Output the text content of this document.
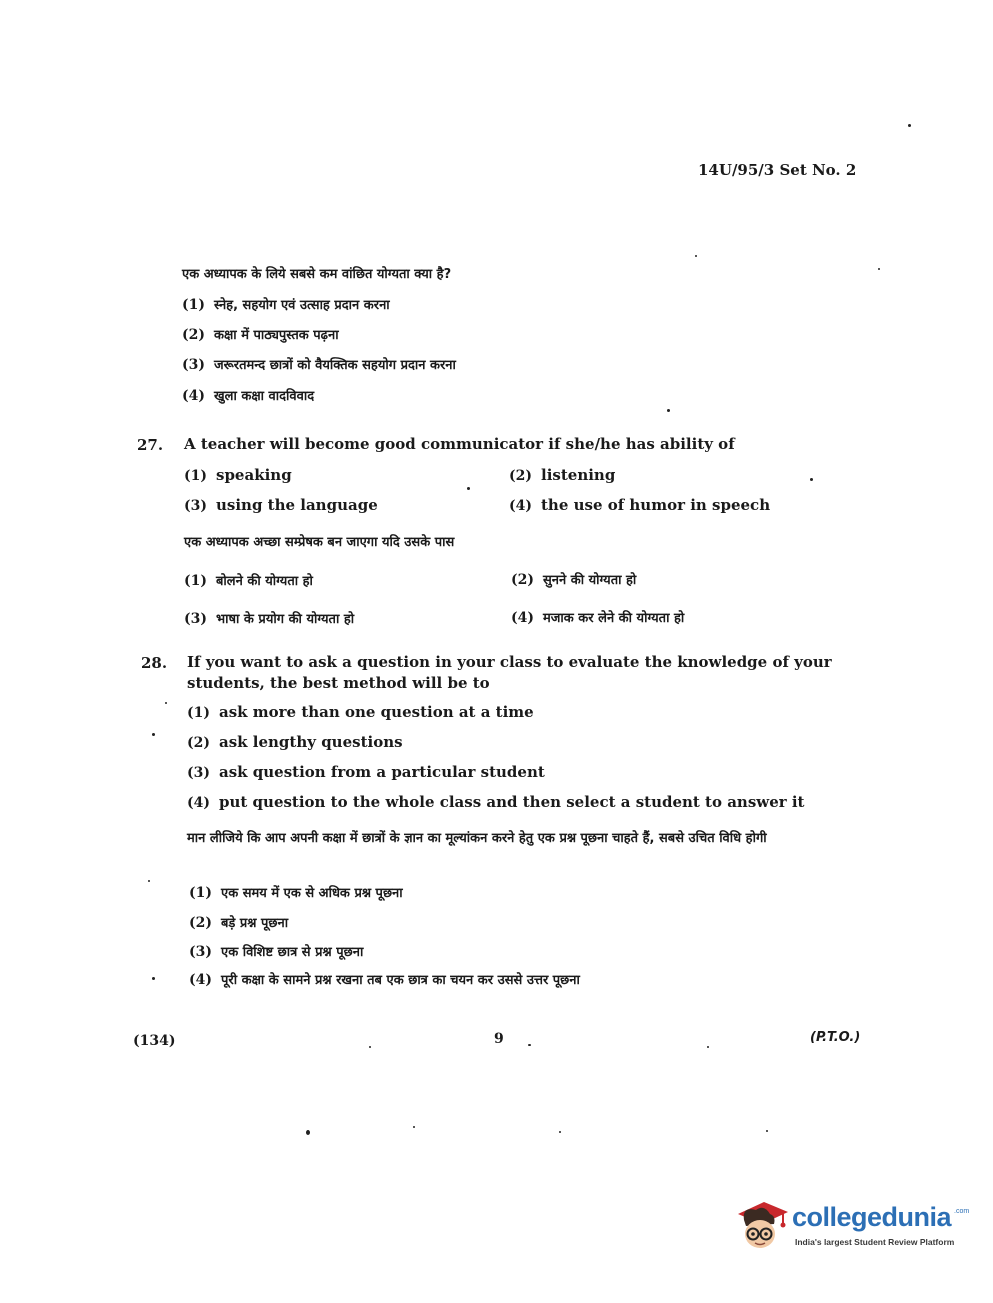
14U/95/3 Set No. 2
एक अध्यापक के लिये सबसे कम वांछित योग्यता क्या है?
(1) स्नेह, सहयोग एवं उत्साह प्रदान करना
(2) कक्षा में पाठ्यपुस्तक पढ़ना
(3) जरूरतमन्द छात्रों को वैयक्तिक सहयोग प्रदान करना
(4) खुला कक्षा वादविवाद
27. A teacher will become good communicator if she/he has ability of
(1) speaking	(2) listening
(3) using the language	(4) the use of humor in speech
एक अध्यापक अच्छा सम्प्रेषक बन जाएगा यदि उसके पास
(1) बोलने की योग्यता हो	(2) सुनने की योग्यता हो
(3) भाषा के प्रयोग की योग्यता हो	(4) मजाक कर लेने की योग्यता हो
28. If you want to ask a question in your class to evaluate the knowledge of your students, the best method will be to
(1) ask more than one question at a time
(2) ask lengthy questions
(3) ask question from a particular student
(4) put question to the whole class and then select a student to answer it
मान लीजिये कि आप अपनी कक्षा में छात्रों के ज्ञान का मूल्यांकन करने हेतु एक प्रश्न पूछना चाहते हैं, सबसे उचित विधि होगी
(1) एक समय में एक से अधिक प्रश्न पूछना
(2) बड़े प्रश्न पूछना
(3) एक विशिष्ट छात्र से प्रश्न पूछना
(4) पूरी कक्षा के सामने प्रश्न रखना तब एक छात्र का चयन कर उससे उत्तर पूछना
(134)	9	(P.T.O.)
collegedunia .com
India's largest Student Review Platform
